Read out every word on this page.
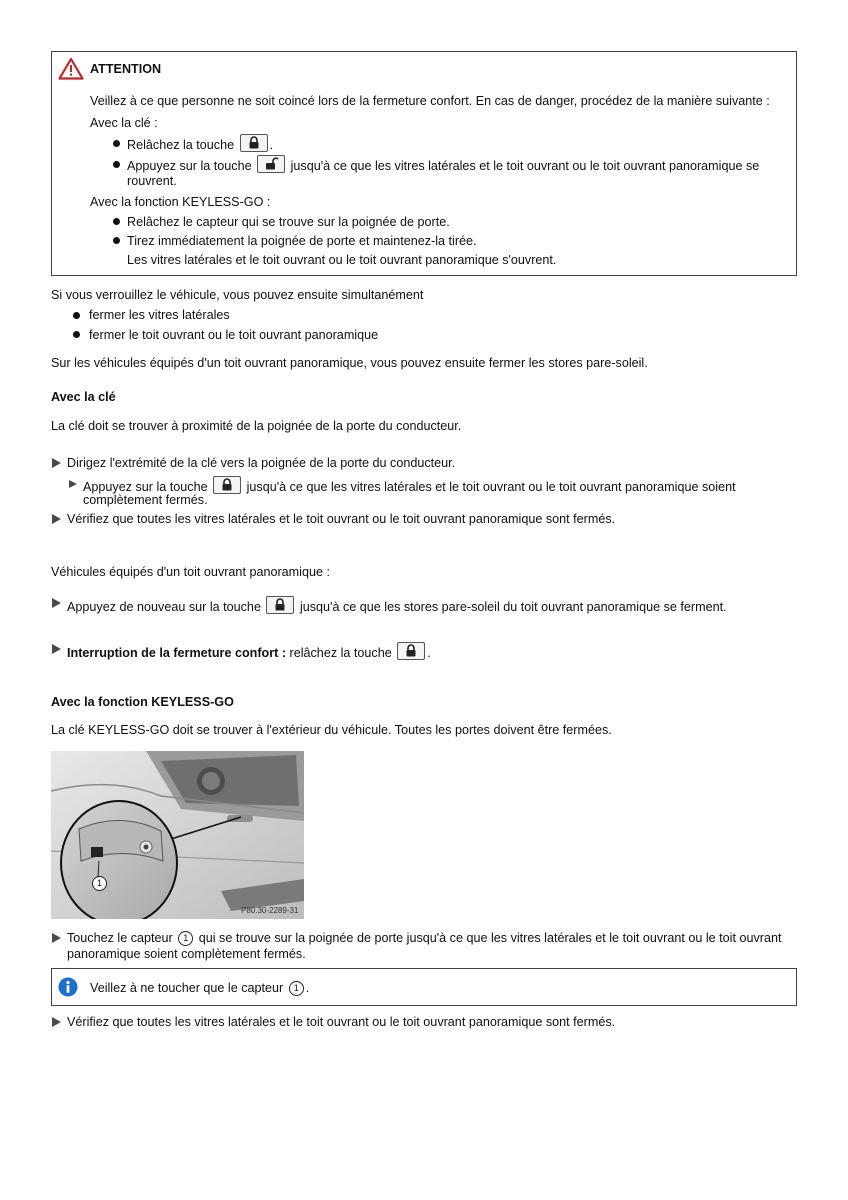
ATTENTION
Veillez à ce que personne ne soit coincé lors de la fermeture confort. En cas de danger, procédez de la manière suivante :
Avec la clé :
Relâchez la touche	.
Appuyez sur la touche	jusqu'à ce que les vitres latérales et le toit ouvrant ou le toit ouvrant panoramique se
rouvrent.
Avec la fonction KEYLESS-GO :
Relâchez le capteur qui se trouve sur la poignée de porte.
Tirez immédiatement la poignée de porte et maintenez-la tirée.
Les vitres latérales et le toit ouvrant ou le toit ouvrant panoramique s'ouvrent.
Si vous verrouillez le véhicule, vous pouvez ensuite simultanément
fermer les vitres latérales
fermer le toit ouvrant ou le toit ouvrant panoramique
Sur les véhicules équipés d'un toit ouvrant panoramique, vous pouvez ensuite fermer les stores pare-soleil.
Avec la clé
La clé doit se trouver à proximité de la poignée de la porte du conducteur.
Dirigez l'extrémité de la clé vers la poignée de la porte du conducteur.
Appuyez sur la touche	jusqu'à ce que les vitres latérales et le toit ouvrant ou le toit ouvrant panoramique soient
complètement fermés.
Vérifiez que toutes les vitres latérales et le toit ouvrant ou le toit ouvrant panoramique sont fermés.
Véhicules équipés d'un toit ouvrant panoramique :
Appuyez de nouveau sur la touche	jusqu'à ce que les stores pare-soleil du toit ouvrant panoramique se ferment.
Interruption de la fermeture confort : relâchez la touche	.
Avec la fonction KEYLESS-GO
La clé KEYLESS-GO doit se trouver à l'extérieur du véhicule. Toutes les portes doivent être fermées.
1
P80.30-2289-31
Touchez le capteur 1 qui se trouve sur la poignée de porte jusqu'à ce que les vitres latérales et le toit ouvrant ou le toit ouvrant
panoramique soient complètement fermés.
Veillez à ne toucher que le capteur 1 .
Vérifiez que toutes les vitres latérales et le toit ouvrant ou le toit ouvrant panoramique sont fermés.
